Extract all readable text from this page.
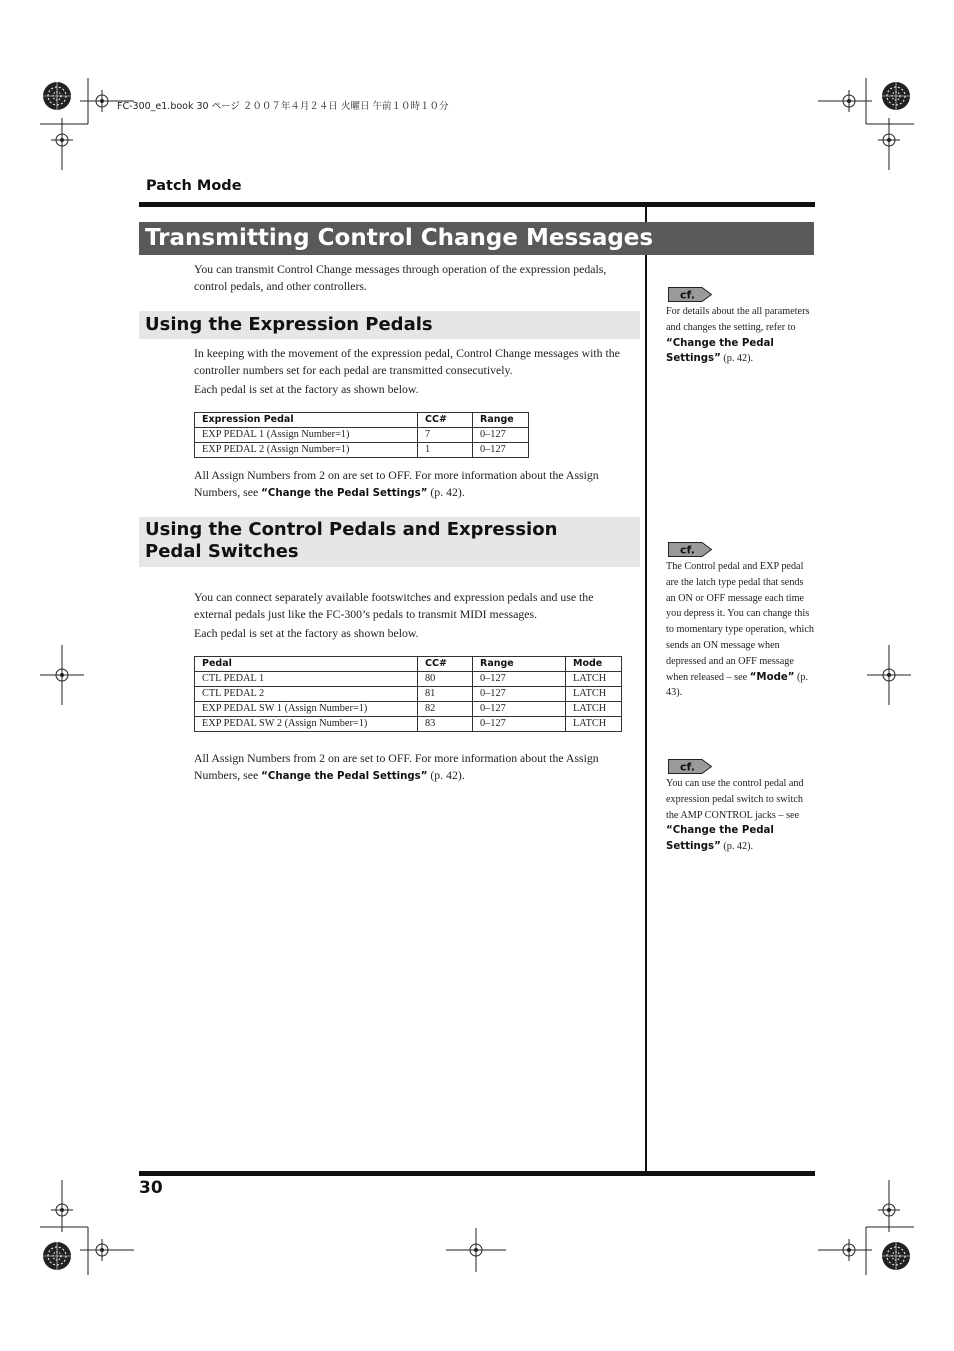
FC-300_e1.book 30 ページ ２００７年４月２４日 火曜日 午前１０時１０分
Patch Mode
Transmitting Control Change Messages
You can transmit Control Change messages through operation of the expression pedals, control pedals, and other controllers.
Using the Expression Pedals
In keeping with the movement of the expression pedal, Control Change messages with the controller numbers set for each pedal are transmitted consecutively.
Each pedal is set at the factory as shown below.
Expression Pedal	CC#	Range
EXP PEDAL 1 (Assign Number=1)	7	0–127
EXP PEDAL 2 (Assign Number=1)	1	0–127
All Assign Numbers from 2 on are set to OFF. For more information about the Assign Numbers, see “Change the Pedal Settings” (p. 42).
Using the Control Pedals and Expression Pedal Switches
You can connect separately available footswitches and expression pedals and use the external pedals just like the FC-300’s pedals to transmit MIDI messages.
Each pedal is set at the factory as shown below.
Pedal	CC#	Range	Mode
CTL PEDAL 1	80	0–127	LATCH
CTL PEDAL 2	81	0–127	LATCH
EXP PEDAL SW 1 (Assign Number=1)	82	0–127	LATCH
EXP PEDAL SW 2 (Assign Number=1)	83	0–127	LATCH
All Assign Numbers from 2 on are set to OFF. For more information about the Assign Numbers, see “Change the Pedal Settings” (p. 42).
cf.
For details about the all parameters and changes the setting, refer to “Change the Pedal Settings” (p. 42).
cf.
The Control pedal and EXP pedal are the latch type pedal that sends an ON or OFF message each time you depress it. You can change this to momentary type operation, which sends an ON message when depressed and an OFF message when released – see “Mode” (p. 43).
cf.
You can use the control pedal and expression pedal switch to switch the AMP CONTROL jacks – see “Change the Pedal Settings” (p. 42).
30
